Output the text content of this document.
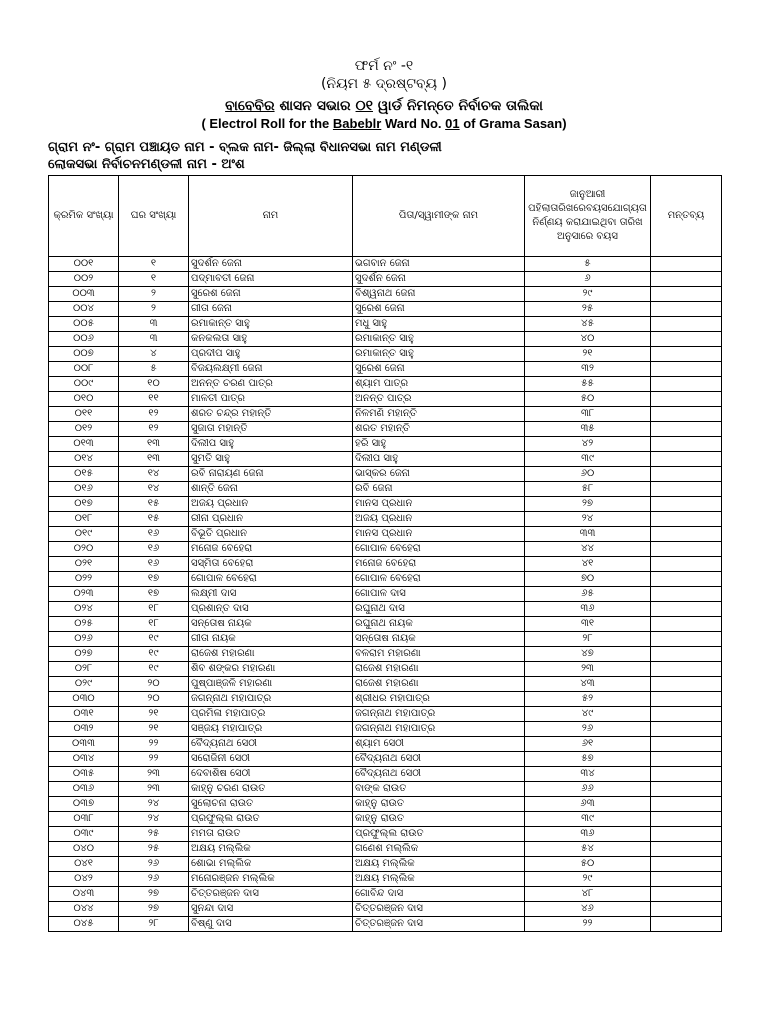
ଫର୍ମ ନଂ -୧
(ନିୟମ ୫ ଦ୍ରଷ୍ଟବ୍ୟ )
ବାବେବିର ଶାସନ ସଭାର ୦୧ ୱାର୍ଡ ନିମନ୍ତେ ନିର୍ବାଚକ ତାଲିକା
( Electrol Roll for the Babeblr Ward No. 01 of Grama Sasan)
ଗ୍ରାମ ନଂ- ଗ୍ରାମ ପଞ୍ଚାୟତ ନାମ - ବ୍ଲକ ନାମ- ଜିଲ୍ଲା ବିଧାନସଭା ନାମ ମଣ୍ଡଳୀ
ଲୋକସଭା ନିର୍ବାଚନମଣ୍ଡଳୀ ନାମ - ଅଂଶ
କ୍ରମିକ ସଂଖ୍ୟା	ଘର ସଂଖ୍ୟା	ନାମ	ପିତା/ସ୍ୱାମୀଙ୍କ ନାମ	ଜାନୁଆରୀ ପହିଲାତାରିଖରେବୟସଯୋଗ୍ୟତା ନିର୍ଣ୍ଣୟ କରାଯାଇଥିବା ତାରିଖ ଅନୁସାରେ ବୟସ	ମନ୍ତବ୍ୟ
୦୦୧	୧	ସୁଦର୍ଶନ ଜେନା	ଭଗବାନ ଜେନା	୫	
୦୦୨	୧	ପଦ୍ମାବତୀ ଜେନା	ସୁଦର୍ଶନ ଜେନା	୬	
୦୦୩	୨	ସୁରେଶ ଜେନା	ବିଶ୍ୱନାଥ ଜେନା	୨୯	
୦୦୪	୨	ଗୀତା ଜେନା	ସୁରେଶ ଜେନା	୨୫	
୦୦୫	୩	ରମାକାନ୍ତ ସାହୁ	ମଧୁ ସାହୁ	୪୫	
୦୦୬	୩	କନକଲତା ସାହୁ	ରମାକାନ୍ତ ସାହୁ	୪୦	
୦୦୭	୪	ପ୍ରଦୀପ ସାହୁ	ରମାକାନ୍ତ ସାହୁ	୨୧	
୦୦୮	୫	ବିଜୟଲକ୍ଷ୍ମୀ ଜେନା	ସୁରେଶ ଜେନା	୩୨	
୦୦୯	୧୦	ଅନନ୍ତ ଚରଣ ପାତ୍ର	ଶ୍ୟାମ ପାତ୍ର	୫୫	
୦୧୦	୧୧	ମାଳତୀ ପାତ୍ର	ଅନନ୍ତ ପାତ୍ର	୫୦	
୦୧୧	୧୨	ଶରତ ଚନ୍ଦ୍ର ମହାନ୍ତି	ନିଳମଣି ମହାନ୍ତି	୩୮	
୦୧୨	୧୨	ସୁଜାତା ମହାନ୍ତି	ଶରତ ମହାନ୍ତି	୩୫	
୦୧୩	୧୩	ଦିଲୀପ ସାହୁ	ହରି ସାହୁ	୪୨	
୦୧୪	୧୩	ସୁମତି ସାହୁ	ଦିଲୀପ ସାହୁ	୩୯	
୦୧୫	୧୪	ରବି ନାରାୟଣ ଜେନା	ଭାସ୍କର ଜେନା	୬୦	
୦୧୬	୧୪	ଶାନ୍ତି ଜେନା	ରବି ଜେନା	୫୮	
୦୧୭	୧୫	ଅଜୟ ପ୍ରଧାନ	ମାନସ ପ୍ରଧାନ	୨୭	
୦୧୮	୧୫	ରୀନା ପ୍ରଧାନ	ଅଜୟ ପ୍ରଧାନ	୨୪	
୦୧୯	୧୬	ବିଭୂତି ପ୍ରଧାନ	ମାନସ ପ୍ରଧାନ	୩୩	
୦୨୦	୧୬	ମନୋଜ ବେହେରା	ଗୋପାଳ ବେହେରା	୪୪	
୦୨୧	୧୬	ସସ୍ମିତା ବେହେରା	ମନୋଜ ବେହେରା	୪୧	
୦୨୨	୧୭	ଗୋପାଳ ବେହେରା	ଗୋପାଳ ବେହେରା	୭୦	
୦୨୩	୧୭	ଲକ୍ଷ୍ମୀ ଦାସ	ଗୋପାଳ ଦାସ	୬୫	
୦୨୪	୧୮	ପ୍ରଶାନ୍ତ ଦାସ	ରଘୁନାଥ ଦାସ	୩୬	
୦୨୫	୧୮	ସନ୍ତୋଷ ନାୟକ	ରଘୁନାଥ ନାୟକ	୩୧	
୦୨୬	୧୯	ଗୀତା ନାୟକ	ସନ୍ତୋଷ ନାୟକ	୨୮	
୦୨୭	୧୯	ରାଜେଶ ମହାରଣା	ବଳରାମ ମହାରଣା	୪୭	
୦୨୮	୧୯	ଶିବ ଶଙ୍କର ମହାରଣା	ରାଜେଶ ମହାରଣା	୨୩	
୦୨୯	୨୦	ପୁଷ୍ପାଞ୍ଜଳି ମହାରଣା	ରାଜେଶ ମହାରଣା	୪୩	
୦୩୦	୨୦	ଜଗନ୍ନାଥ ମହାପାତ୍ର	ଶ୍ରୀଧର ମହାପାତ୍ର	୫୨	
୦୩୧	୨୧	ପ୍ରମିଳା ମହାପାତ୍ର	ଜଗନ୍ନାଥ ମହାପାତ୍ର	୪୯	
୦୩୨	୨୧	ସଞ୍ଜୟ ମହାପାତ୍ର	ଜଗନ୍ନାଥ ମହାପାତ୍ର	୨୬	
୦୩୩	୨୨	ବୈଦ୍ୟନାଥ ସେଠୀ	ଶ୍ୟାମ ସେଠୀ	୬୧	
୦୩୪	୨୨	ସରୋଜିନୀ ସେଠୀ	ବୈଦ୍ୟନାଥ ସେଠୀ	୫୭	
୦୩୫	୨୩	ଦେବାଶିଷ ସେଠୀ	ବୈଦ୍ୟନାଥ ସେଠୀ	୩୪	
୦୩୬	୨୩	କାହ୍ନୁ ଚରଣ ରାଉତ	ବାଙ୍କ ରାଉତ	୬୬	
୦୩୭	୨୪	ସୁଲୋଚନା ରାଉତ	କାହ୍ନୁ ରାଉତ	୬୩	
୦୩୮	୨୪	ପ୍ରଫୁଲ୍ଲ ରାଉତ	କାହ୍ନୁ ରାଉତ	୩୯	
୦୩୯	୨୫	ମମତା ରାଉତ	ପ୍ରଫୁଲ୍ଲ ରାଉତ	୩୬	
୦୪୦	୨୫	ଅକ୍ଷୟ ମଲ୍ଲିକ	ଗଣେଶ ମଲ୍ଲିକ	୫୪	
୦୪୧	୨୬	ଶୋଭା ମଲ୍ଲିକ	ଅକ୍ଷୟ ମଲ୍ଲିକ	୫୦	
୦୪୨	୨୬	ମନୋରଞ୍ଜନ ମଲ୍ଲିକ	ଅକ୍ଷୟ ମଲ୍ଲିକ	୨୯	
୦୪୩	୨୭	ଚିତ୍ତରଞ୍ଜନ ଦାସ	ଗୋବିନ୍ଦ ଦାସ	୪୮	
୦୪୪	୨୭	ସୁନନ୍ଦା ଦାସ	ଚିତ୍ତରଞ୍ଜନ ଦାସ	୪୬	
୦୪୫	୨୮	ବିଷ୍ଣୁ ଦାସ	ଚିତ୍ତରଞ୍ଜନ ଦାସ	୨୨	
